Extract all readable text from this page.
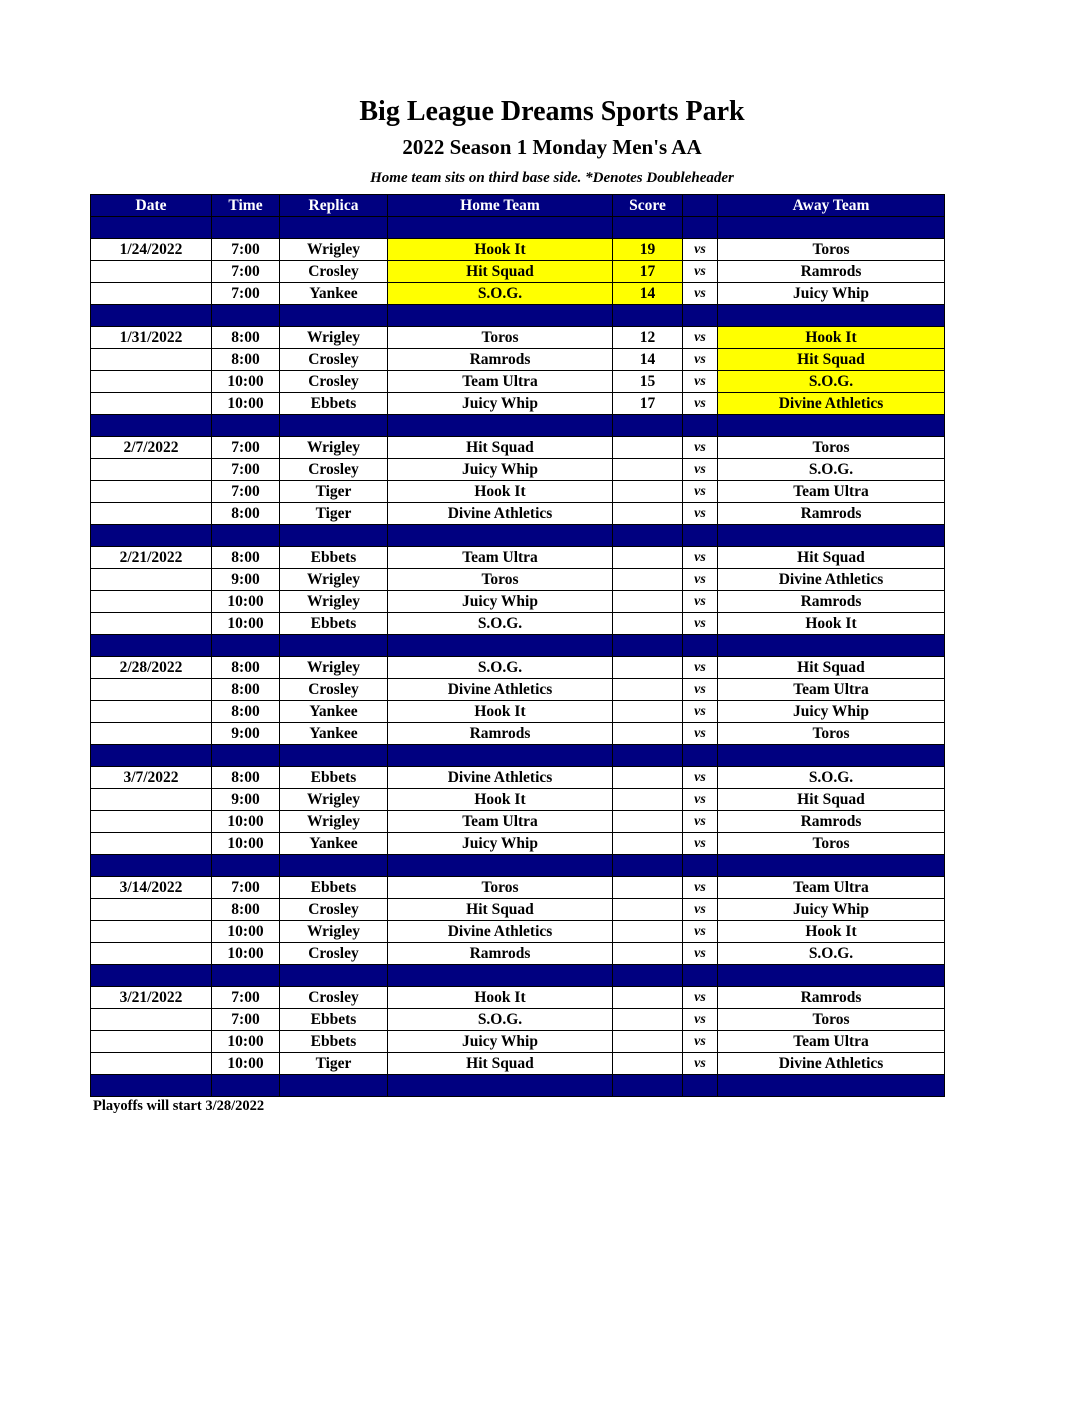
Big League Dreams Sports Park
2022 Season 1 Monday Men's AA
Home team sits on third base side. *Denotes Doubleheader
Date	Time	Replica	Home Team	Score		Away Team

1/24/2022	7:00	Wrigley	Hook It	19	vs	Toros
	7:00	Crosley	Hit Squad	17	vs	Ramrods
	7:00	Yankee	S.O.G.	14	vs	Juicy Whip

1/31/2022	8:00	Wrigley	Toros	12	vs	Hook It
	8:00	Crosley	Ramrods	14	vs	Hit Squad
	10:00	Crosley	Team Ultra	15	vs	S.O.G.
	10:00	Ebbets	Juicy Whip	17	vs	Divine Athletics

2/7/2022	7:00	Wrigley	Hit Squad		vs	Toros
	7:00	Crosley	Juicy Whip		vs	S.O.G.
	7:00	Tiger	Hook It		vs	Team Ultra
	8:00	Tiger	Divine Athletics		vs	Ramrods

2/21/2022	8:00	Ebbets	Team Ultra		vs	Hit Squad
	9:00	Wrigley	Toros		vs	Divine Athletics
	10:00	Wrigley	Juicy Whip		vs	Ramrods
	10:00	Ebbets	S.O.G.		vs	Hook It

2/28/2022	8:00	Wrigley	S.O.G.		vs	Hit Squad
	8:00	Crosley	Divine Athletics		vs	Team Ultra
	8:00	Yankee	Hook It		vs	Juicy Whip
	9:00	Yankee	Ramrods		vs	Toros

3/7/2022	8:00	Ebbets	Divine Athletics		vs	S.O.G.
	9:00	Wrigley	Hook It		vs	Hit Squad
	10:00	Wrigley	Team Ultra		vs	Ramrods
	10:00	Yankee	Juicy Whip		vs	Toros

3/14/2022	7:00	Ebbets	Toros		vs	Team Ultra
	8:00	Crosley	Hit Squad		vs	Juicy Whip
	10:00	Wrigley	Divine Athletics		vs	Hook It
	10:00	Crosley	Ramrods		vs	S.O.G.

3/21/2022	7:00	Crosley	Hook It		vs	Ramrods
	7:00	Ebbets	S.O.G.		vs	Toros
	10:00	Ebbets	Juicy Whip		vs	Team Ultra
	10:00	Tiger	Hit Squad		vs	Divine Athletics

Playoffs will start 3/28/2022
